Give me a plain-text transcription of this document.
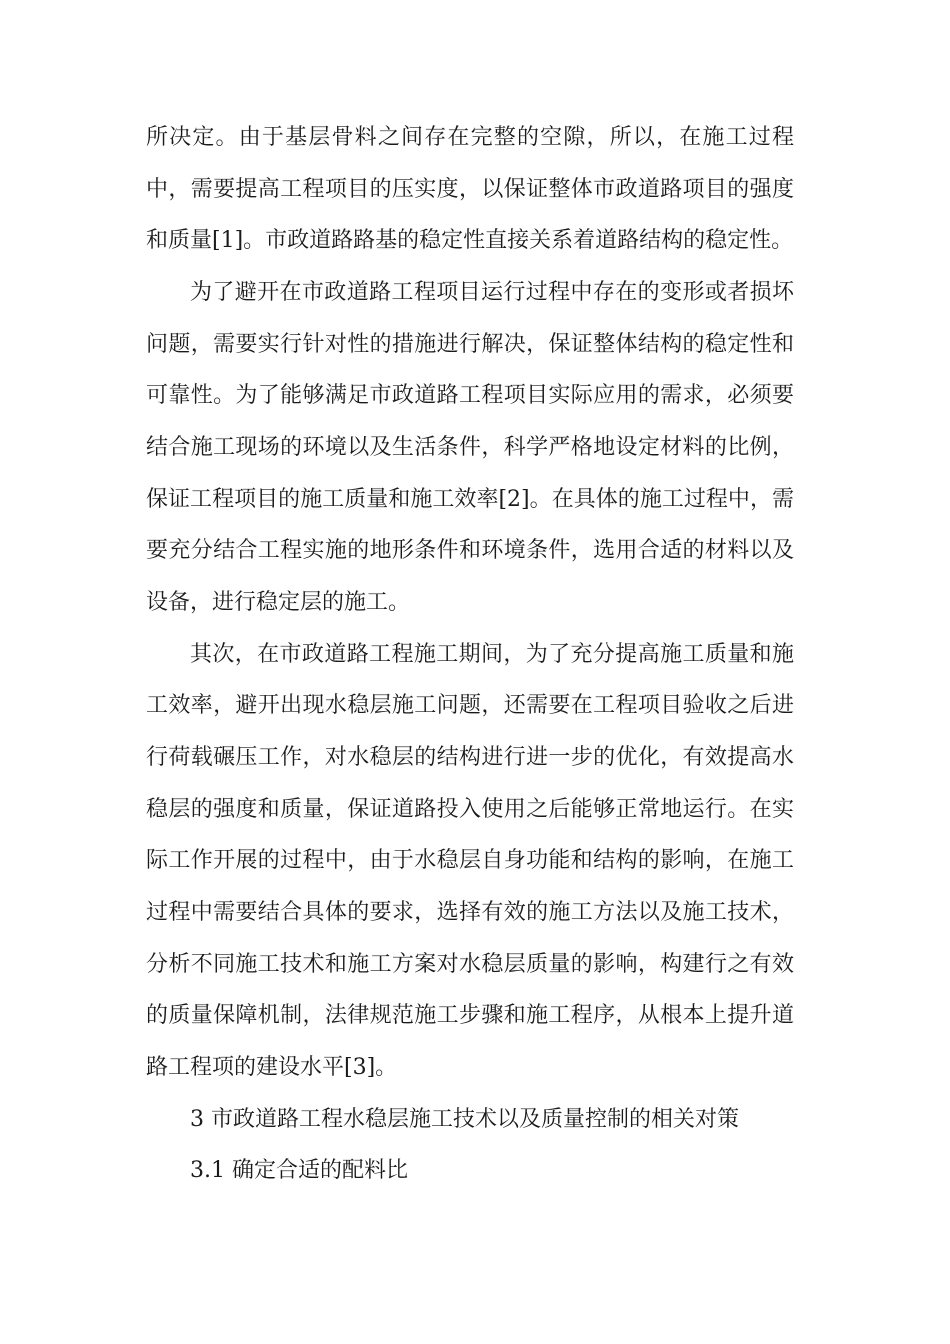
所决定。由于基层骨料之间存在完整的空隙，所以，在施工过程
中，需要提高工程项目的压实度，以保证整体市政道路项目的强度
和质量[1]。市政道路路基的稳定性直接关系着道路结构的稳定性。
为了避开在市政道路工程项目运行过程中存在的变形或者损坏
问题，需要实行针对性的措施进行解决，保证整体结构的稳定性和
可靠性。为了能够满足市政道路工程项目实际应用的需求，必须要
结合施工现场的环境以及生活条件，科学严格地设定材料的比例，
保证工程项目的施工质量和施工效率[2]。在具体的施工过程中，需
要充分结合工程实施的地形条件和环境条件，选用合适的材料以及
设备，进行稳定层的施工。
其次，在市政道路工程施工期间，为了充分提高施工质量和施
工效率，避开出现水稳层施工问题，还需要在工程项目验收之后进
行荷载碾压工作，对水稳层的结构进行进一步的优化，有效提高水
稳层的强度和质量，保证道路投入使用之后能够正常地运行。在实
际工作开展的过程中，由于水稳层自身功能和结构的影响，在施工
过程中需要结合具体的要求，选择有效的施工方法以及施工技术，
分析不同施工技术和施工方案对水稳层质量的影响，构建行之有效
的质量保障机制，法律规范施工步骤和施工程序，从根本上提升道
路工程项的建设水平[3]。
3 市政道路工程水稳层施工技术以及质量控制的相关对策
3.1 确定合适的配料比
